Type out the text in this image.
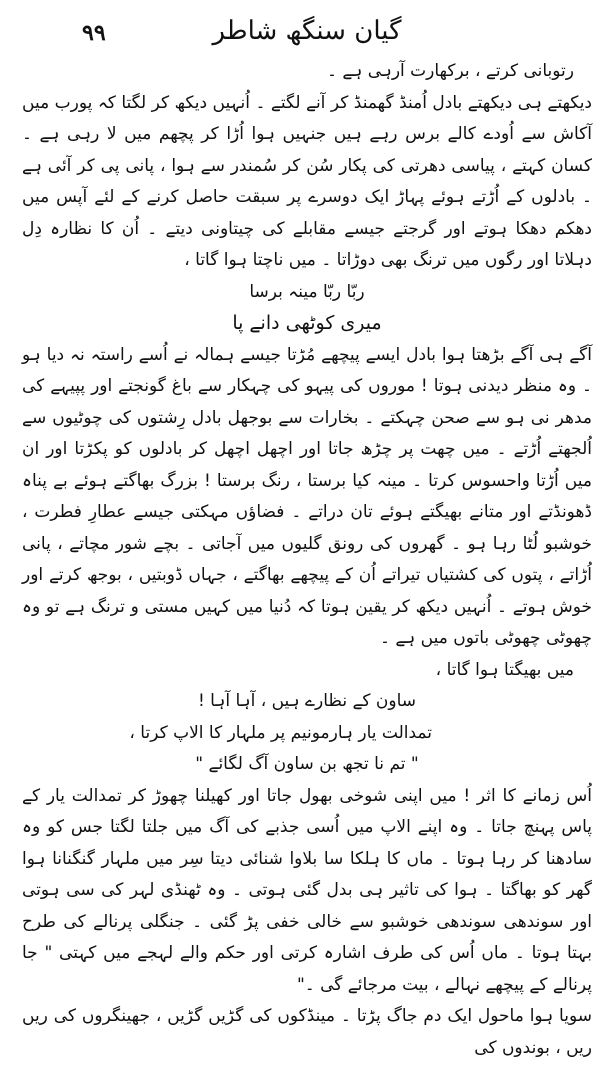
۹۹	گیان سنگھ شاطر

رتوبانی کرتے ، برکھارت آرہی ہے ۔

دیکھتے ہی دیکھتے بادل اُمنڈ گھمنڈ کر آنے لگتے ۔ اُنہیں دیکھ کر لگتا کہ پورب میں آکاش سے اُودے کالے برس رہے ہیں جنہیں ہوا اُڑا کر پچھم میں لا رہی ہے ۔ کسان کہتے ، پیاسی دھرتی کی پکار سُن کر سُمندر سے ہوا ، پانی پی کر آئی ہے ۔ بادلوں کے اُڑتے ہوئے پہاڑ ایک دوسرے پر سبقت حاصل کرنے کے لئے آپس میں دھکم دھکا ہوتے اور گرجتے جیسے مقابلے کی چیتاونی دیتے ۔ اُن کا نظارہ دِل دہلاتا اور رگوں میں ترنگ بھی دوڑاتا ۔ میں ناچتا ہوا گاتا ،

ربّا ربّا مینہ برسا

میری کوٹھی دانے پا

آگے ہی آگے بڑھتا ہوا بادل ایسے پیچھے مُڑتا جیسے ہمالہ نے اُسے راستہ نہ دیا ہو ۔ وہ منظر دیدنی ہوتا ! موروں کی پیہو کی چہکار سے باغ گونجتے اور پپیہے کی مدھر نی ہو سے صحن چہکتے ۔ بخارات سے بوجھل بادل رِشتوں کی چوٹیوں سے اُلجھتے اُڑتے ۔ میں چھت پر چڑھ جاتا اور اچھل اچھل کر بادلوں کو پکڑتا اور ان میں اُڑتا واحسوس کرتا ۔ مینہ کیا برستا ، رنگ برستا ! بزرگ بھاگتے ہوئے بے پناہ ڈھونڈتے اور متانے بھیگتے ہوئے تان دراتے ۔ فضاؤں مہکتی جیسے عطارِ فطرت ، خوشبو لُٹا رہا ہو ۔ گھروں کی رونق گلیوں میں آجاتی ۔ بچے شور مچاتے ، پانی اُڑاتے ، پتوں کی کشتیاں تیراتے اُن کے پیچھے بھاگتے ، جہاں ڈوبتیں ، بوجھ کرتے اور خوش ہوتے ۔ اُنہیں دیکھ کر یقین ہوتا کہ دُنیا میں کہیں مستی و ترنگ ہے تو وہ چھوٹی چھوٹی باتوں میں ہے ۔

میں بھیگتا ہوا گاتا ،

ساون کے نظارے ہیں ، آہا آہا !

تمدالت یار ہارمونیم پر ملہار کا الاپ کرتا ،

" تم نا تجھ بن ساون آگ لگائے "

اُس زمانے کا اثر ! میں اپنی شوخی بھول جاتا اور کھیلنا چھوڑ کر تمدالت یار کے پاس پہنچ جاتا ۔ وہ اپنے الاپ میں اُسی جذبے کی آگ میں جلتا لگتا جس کو وہ سادھنا کر رہا ہوتا ۔ ماں کا ہلکا سا بلاوا شنائی دیتا سِر میں ملہار گنگنانا ہوا گھر کو بھاگتا ۔ ہوا کی تاثیر ہی بدل گئی ہوتی ۔ وہ ٹھنڈی لہر کی سی ہوتی اور سوندھی سوندھی خوشبو سے خالی خفی پڑ گئی ۔ جنگلی پرنالے کی طرح بہتا ہوتا ۔ ماں اُس کی طرف اشارہ کرتی اور حکم والے لہجے میں کہتی " جا پرنالے کے پیچھے نہالے ، بیت مرجائے گی ۔"

سویا ہوا ماحول ایک دم جاگ پڑتا ۔ مینڈکوں کی گڑیں گڑیں ، جھینگروں کی ریں ریں ، بوندوں کی
